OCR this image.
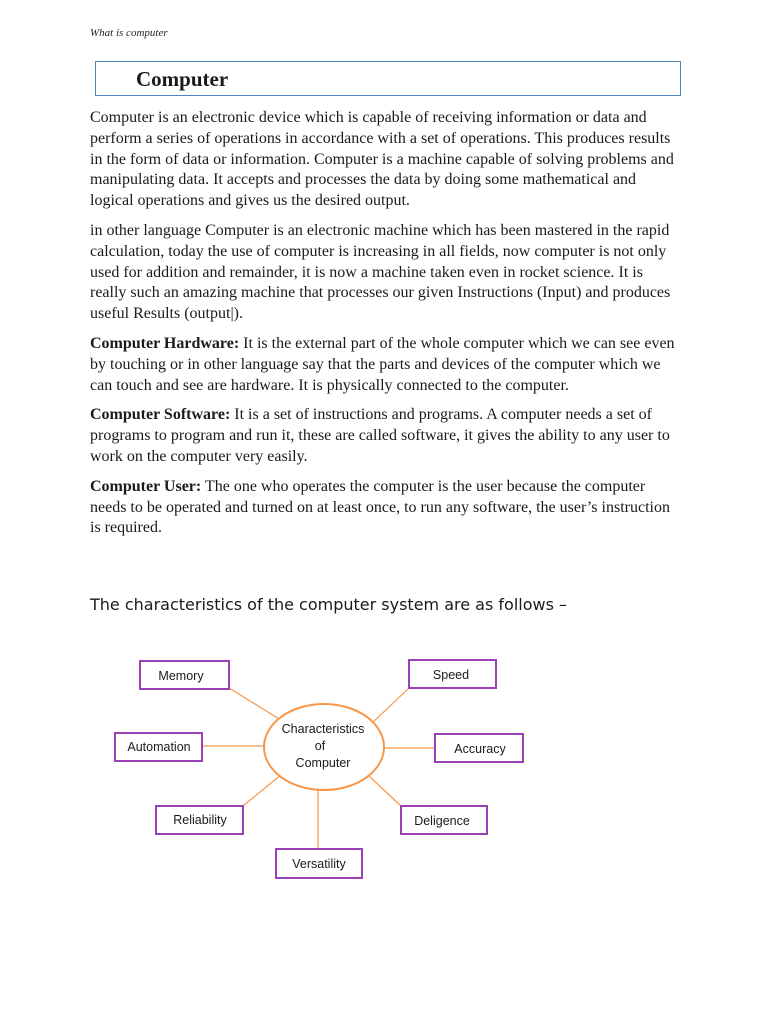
What is computer
Computer

Computer is an electronic device which is capable of receiving information or data and perform a series of operations in accordance with a set of operations. This produces results in the form of data or information. Computer is a machine capable of solving problems and manipulating data. It accepts and processes the data by doing some mathematical and logical operations and gives us the desired output.

in other language Computer is an electronic machine which has been mastered in the rapid calculation, today the use of computer is increasing in all fields, now computer is not only used for addition and remainder, it is now a machine taken even in rocket science. It is really such an amazing machine that processes our given Instructions (Input) and produces useful Results (output|).

Computer Hardware: It is the external part of the whole computer which we can see even by touching or in other language say that the parts and devices of the computer which we can touch and see are hardware. It is physically connected to the computer.

Computer Software: It is a set of instructions and programs. A computer needs a set of programs to program and run it, these are called software, it gives the ability to any user to work on the computer very easily.

Computer User: The one who operates the computer is the user because the computer needs to be operated and turned on at least once, to run any software, the user’s instruction is required.

The characteristics of the computer system are as follows –
Characteristics
of
Computer
Memory	Speed
Automation	Accuracy
Reliability	Deligence
Versatility
